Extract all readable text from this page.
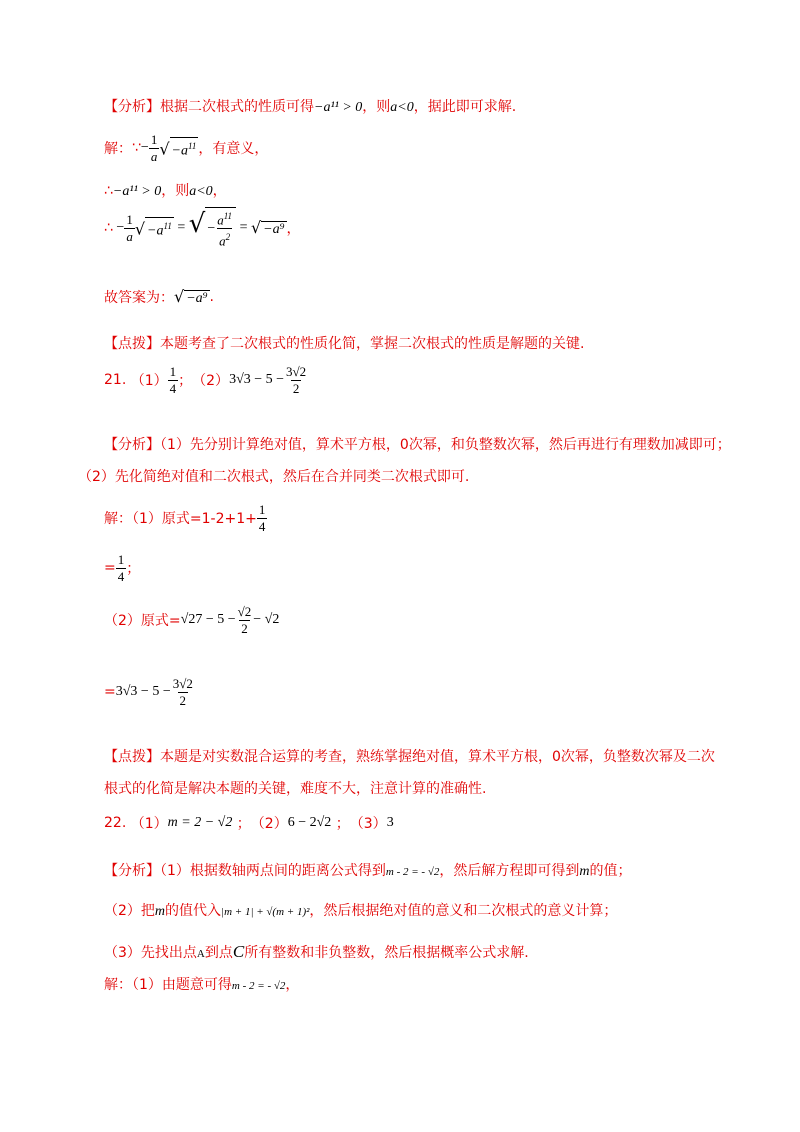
【分析】根据二次根式的性质可得−a¹¹ > 0，则a<0，据此即可求解.
解： ∵ − $\frac{1}{a}$ √ $-a^{11}$ ，有意义，
∴−a¹¹ > 0，则a<0，
∴ − $\frac{1}{a}$ √ $-a^{11}$ = √ − $\frac{a^{11}}{a^2}$ = √ −a⁹ ，
故答案为： √ −a⁹ .
【点拨】本题考查了二次根式的性质化简，掌握二次根式的性质是解题的关键.
21.
$(1) \frac{1}{4}$ ； （2） $3√3 - 5 - \frac{3√2}{2}$
【分析】（1）先分别计算绝对值，算术平方根，0次幂，和负整数次幂，然后再进行有理数加减即可；
（2）先化简绝对值和二次根式，然后在合并同类二次根式即可.
解：（1）原式$=1-2+1+ \frac{1}{4}$
= $\frac{1}{4}$ ；
（2）原式= $√27 - 5 - \frac{√2}{2} - √2$
= $3√3 - 5 - \frac{3√2}{2}$
【点拨】本题是对实数混合运算的考查，熟练掌握绝对值，算术平方根，0次幂，负整数次幂及二次
根式的化简是解决本题的关键，难度不大，注意计算的准确性.
22.
（1） m = 2 − √2
； （2） 6 − 2√2
； （3） 3
【分析】（1）根据数轴两点间的距离公式得到m - 2 = - √2，然后解方程即可得到m的值；
（2）把m的值代入|m + 1| + √(m + 1)²，然后根据绝对值的意义和二次根式的意义计算；
（3）先找出点A到点C所有整数和非负整数，然后根据概率公式求解.
解：（1）由题意可得m - 2 = - √2，
